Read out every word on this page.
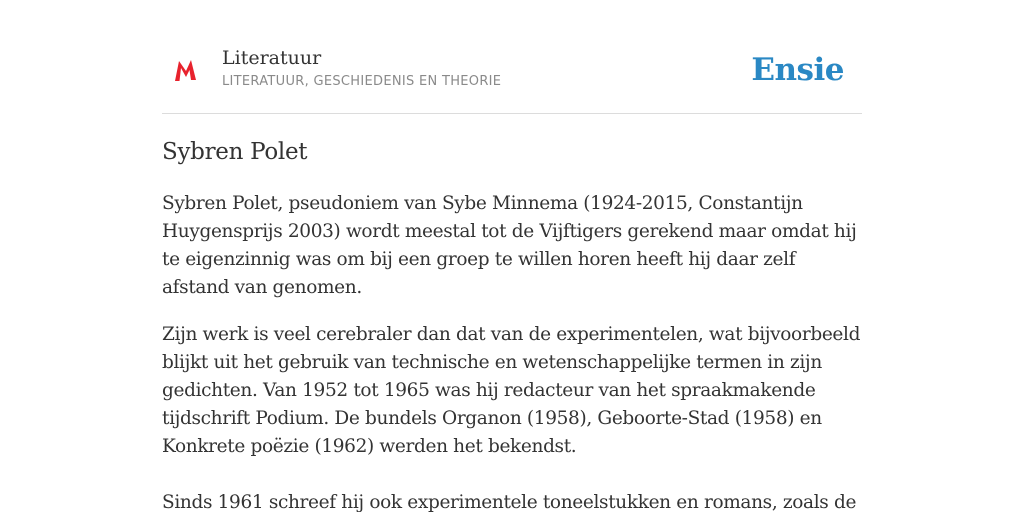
Literatuur
LITERATUUR, GESCHIEDENIS EN THEORIE	Ensie
Sybren Polet

Sybren Polet, pseudoniem van Sybe Minnema (1924-2015, Constantijn Huygensprijs 2003) wordt meestal tot de Vijftigers gerekend maar omdat hij te eigenzinnig was om bij een groep te willen horen heeft hij daar zelf afstand van genomen.

Zijn werk is veel cerebraler dan dat van de experimentelen, wat bijvoorbeeld blijkt uit het gebruik van technische en wetenschappelijke termen in zijn gedichten. Van 1952 tot 1965 was hij redacteur van het spraakmakende tijdschrift Podium. De bundels Organon (1958), Geboorte-Stad (1958) en Konkrete poëzie (1962) werden het bekendst.

Sinds 1961 schreef hij ook experimentele toneelstukken en romans, zoals de
